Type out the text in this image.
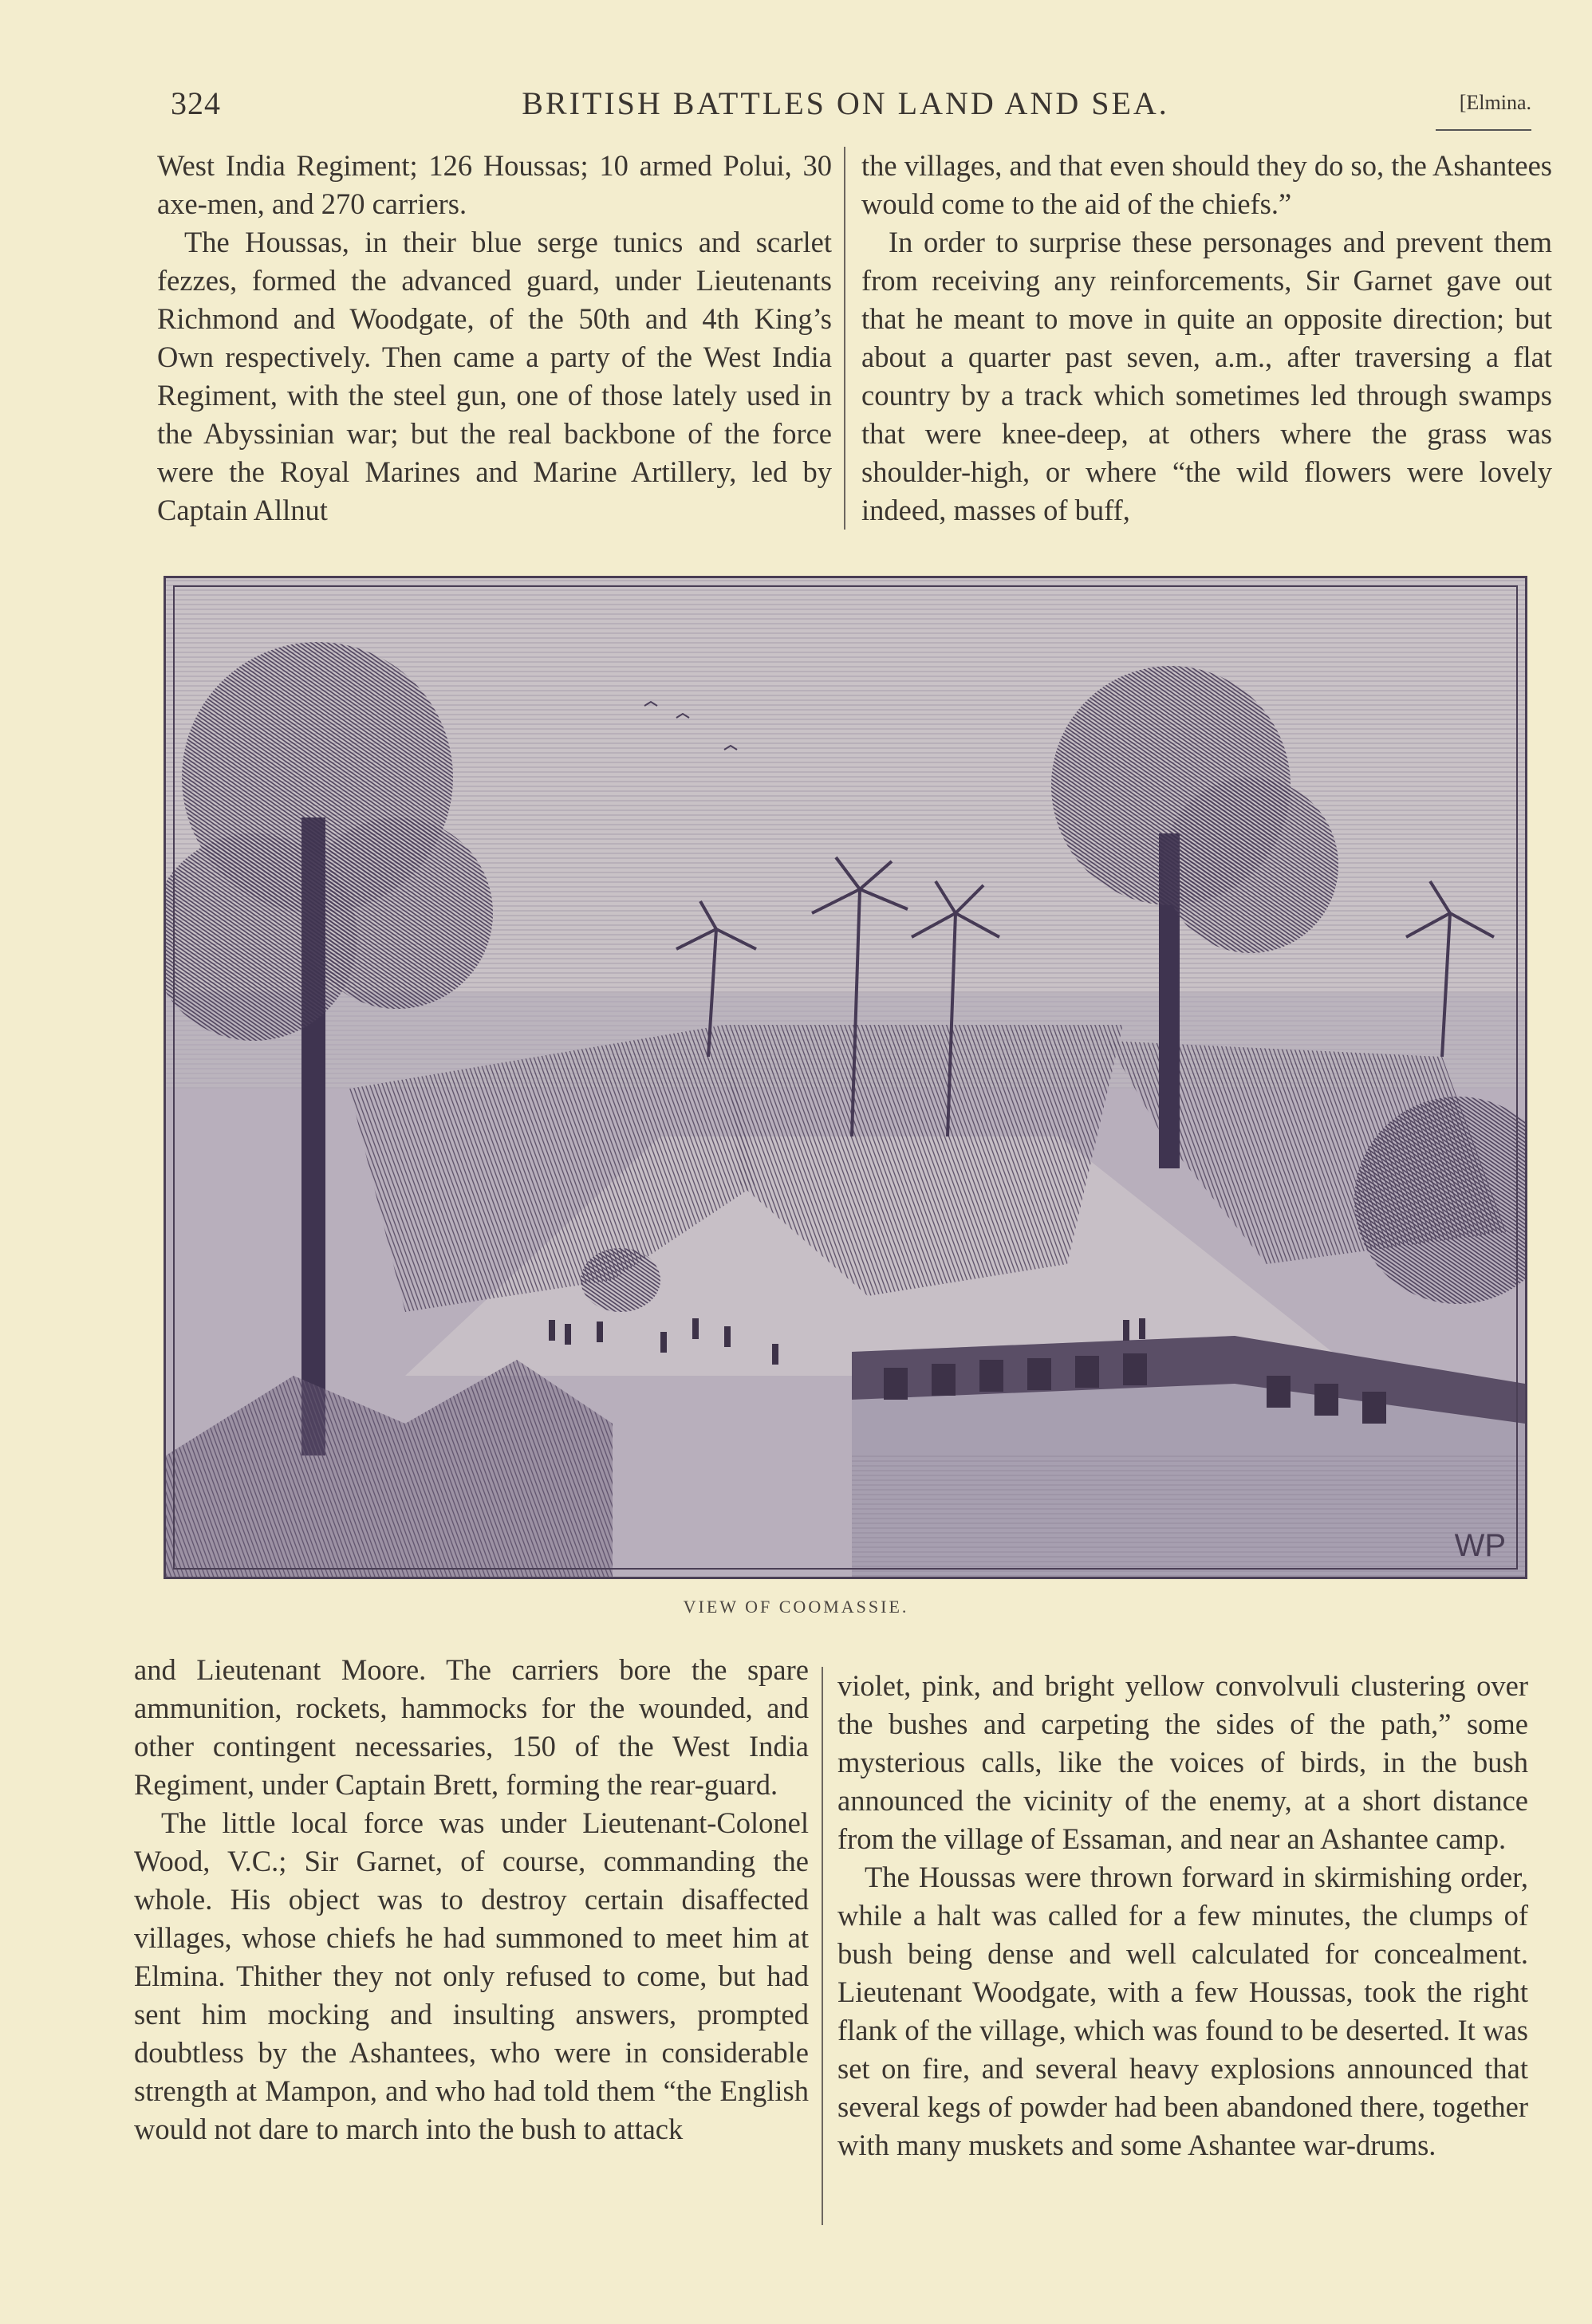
324	BRITISH BATTLES ON LAND AND SEA.	[Elmina.

West India Regiment; 126 Houssas; 10 armed Polui, 30 axe-men, and 270 carriers.

The Houssas, in their blue serge tunics and scarlet fezzes, formed the advanced guard, under Lieutenants Richmond and Woodgate, of the 50th and 4th King’s Own respectively. Then came a party of the West India Regiment, with the steel gun, one of those lately used in the Abyssinian war; but the real backbone of the force were the Royal Marines and Marine Artillery, led by Captain Allnut

the villages, and that even should they do so, the Ashantees would come to the aid of the chiefs.”

In order to surprise these personages and prevent them from receiving any reinforcements, Sir Garnet gave out that he meant to move in quite an opposite direction; but about a quarter past seven, a.m., after traversing a flat country by a track which sometimes led through swamps that were knee-deep, at others where the grass was shoulder-high, or where “the wild flowers were lovely indeed, masses of buff,

WP
VIEW OF COOMASSIE.

and Lieutenant Moore. The carriers bore the spare ammunition, rockets, hammocks for the wounded, and other contingent necessaries, 150 of the West India Regiment, under Captain Brett, forming the rear-guard.

The little local force was under Lieutenant-Colonel Wood, V.C.; Sir Garnet, of course, commanding the whole. His object was to destroy certain disaffected villages, whose chiefs he had summoned to meet him at Elmina. Thither they not only refused to come, but had sent him mocking and insulting answers, prompted doubtless by the Ashantees, who were in considerable strength at Mampon, and who had told them “the English would not dare to march into the bush to attack

violet, pink, and bright yellow convolvuli clustering over the bushes and carpeting the sides of the path,” some mysterious calls, like the voices of birds, in the bush announced the vicinity of the enemy, at a short distance from the village of Essaman, and near an Ashantee camp.

The Houssas were thrown forward in skirmishing order, while a halt was called for a few minutes, the clumps of bush being dense and well calculated for concealment. Lieutenant Woodgate, with a few Houssas, took the right flank of the village, which was found to be deserted. It was set on fire, and several heavy explosions announced that several kegs of powder had been abandoned there, together with many muskets and some Ashantee war-drums.
